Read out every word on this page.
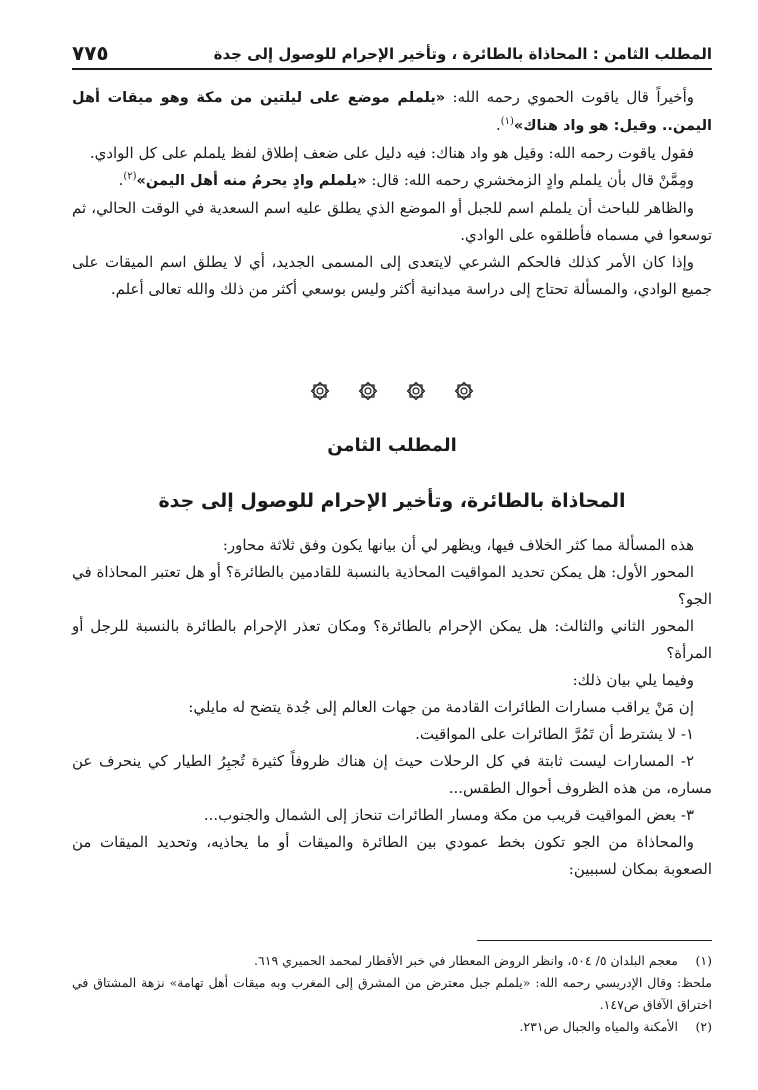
المطلب الثامن : المحاذاة بالطائرة ، وتأخير الإحرام للوصول إلى جدة
٧٧٥

وأخيراً قال ياقوت الحموي رحمه الله: «يلملم موضع على ليلتين من مكة وهو ميقات أهل اليمن.. وقيل: هو واد هناك»$^{(١)}$.

فقول ياقوت رحمه الله: وقيل هو واد هناك: فيه دليل على ضعف إطلاق لفظ يلملم على كل الوادي.

ومِمَّنْ قال بأن يلملم وادٍ الزمخشري رحمه الله: قال: «يلملم وادٍ يحرمُ منه أهل اليمن»$^{(٢)}$.

والظاهر للباحث أن يلملم اسم للجبل أو الموضع الذي يطلق عليه اسم السعدية في الوقت الحالي، ثم توسعوا في مسماه فأطلقوه على الوادي.

وإذا كان الأمر كذلك فالحكم الشرعي لايتعدى إلى المسمى الجديد، أي لا يطلق اسم الميقات على جميع الوادي، والمسألة تحتاج إلى دراسة ميدانية أكثر وليس بوسعي أكثر من ذلك والله تعالى أعلم.

المطلب الثامن
المحاذاة بالطائرة، وتأخير الإحرام للوصول إلى جدة

هذه المسألة مما كثر الخلاف فيها، ويظهر لي أن بيانها يكون وفق ثلاثة محاور:

المحور الأول: هل يمكن تحديد المواقيت المحاذية بالنسبة للقادمين بالطائرة؟ أو هل تعتبر المحاذاة في الجو؟

المحور الثاني والثالث: هل يمكن الإحرام بالطائرة؟ ومكان تعذر الإحرام بالطائرة بالنسبة للرجل أو المرأة؟

وفيما يلي بيان ذلك:

إن مَنْ يراقب مسارات الطائرات القادمة من جهات العالم إلى جُدة يتضح له مايلي:

١- لا يشترط أن تَمُرَّ الطائرات على المواقيت.

٢- المسارات ليست ثابتة في كل الرحلات حيث إن هناك ظروفاً كثيرة تُجبِرُ الطيار كي ينحرف عن مساره، من هذه الظروف أحوال الطقس...

٣- بعض المواقيت قريب من مكة ومسار الطائرات تنحاز إلى الشمال والجنوب...

والمحاذاة من الجو تكون بخط عمودي بين الطائرة والميقات أو ما يحاذيه، وتحديد الميقات من الصعوبة بمكان لسببين:

(١)معجم البلدان ٥/ ٥٠٤، وانظر الروض المعطار في خبر الأقطار لمحمد الحميري ٦١٩.

ملحظ: وقال الإدريسي رحمه الله: «يلملم جبل معترض من المشرق إلى المغرب وبه ميقات أهل تهامة» نزهة المشتاق في اختراق الآفاق ص١٤٧.

(٢)الأمكنة والمياه والجبال ص٢٣١.
